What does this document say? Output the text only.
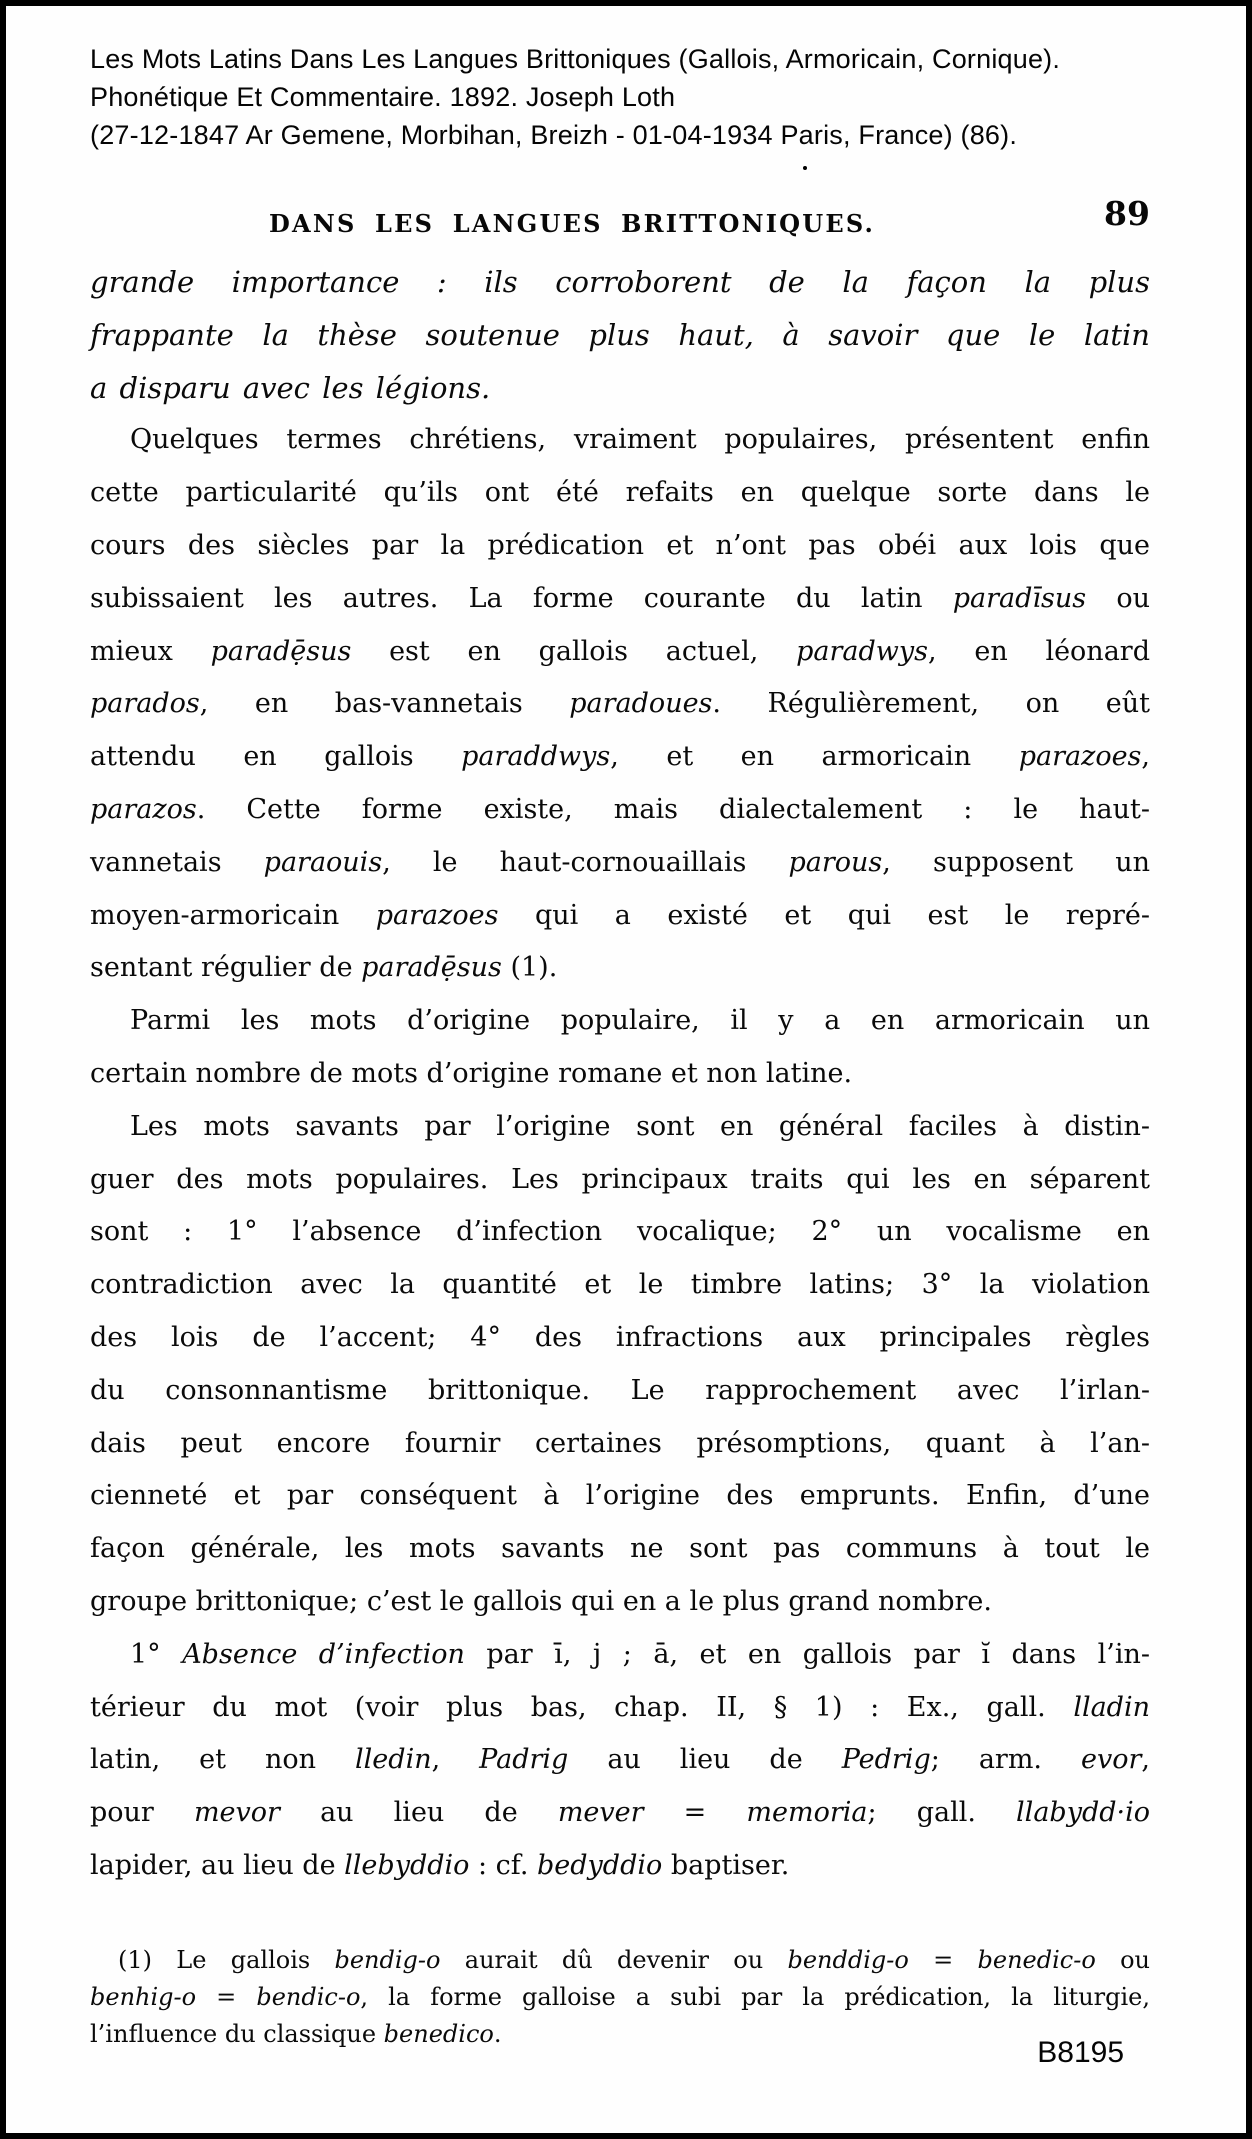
Les Mots Latins Dans Les Langues Brittoniques (Gallois, Armoricain, Cornique).
Phonétique Et Commentaire. 1892. Joseph Loth
(27-12-1847 Ar Gemene, Morbihan, Breizh - 01-04-1934 Paris, France) (86).
DANS LES LANGUES BRITTONIQUES.	89
grande importance : ils corroborent de la façon la plus
frappante la thèse soutenue plus haut, à savoir que le latin
a disparu avec les légions.
Quelques termes chrétiens, vraiment populaires, présentent enfin
cette particularité qu’ils ont été refaits en quelque sorte dans le
cours des siècles par la prédication et n’ont pas obéi aux lois que
subissaient les autres. La forme courante du latin paradīsus ou
mieux paradẹ̄sus est en gallois actuel, paradwys, en léonard
parados, en bas-vannetais paradoues. Régulièrement, on eût
attendu en gallois paraddwys, et en armoricain parazoes,
parazos. Cette forme existe, mais dialectalement : le haut-
vannetais paraouis, le haut-cornouaillais parous, supposent un
moyen-armoricain parazoes qui a existé et qui est le repré-
sentant régulier de paradẹ̄sus (1).
Parmi les mots d’origine populaire, il y a en armoricain un
certain nombre de mots d’origine romane et non latine.
Les mots savants par l’origine sont en général faciles à distin-
guer des mots populaires. Les principaux traits qui les en séparent
sont : 1° l’absence d’infection vocalique; 2° un vocalisme en
contradiction avec la quantité et le timbre latins; 3° la violation
des lois de l’accent; 4° des infractions aux principales règles
du consonnantisme brittonique. Le rapprochement avec l’irlan-
dais peut encore fournir certaines présomptions, quant à l’an-
cienneté et par conséquent à l’origine des emprunts. Enfin, d’une
façon générale, les mots savants ne sont pas communs à tout le
groupe brittonique; c’est le gallois qui en a le plus grand nombre.
1° Absence d’infection par ī, j ; ā, et en gallois par ĭ dans l’in-
térieur du mot (voir plus bas, chap. II, § 1) : Ex., gall. lladin
latin, et non lledin, Padrig au lieu de Pedrig; arm. evor,
pour mevor au lieu de mever = memoria; gall. llabydd·io
lapider, au lieu de llebyddio : cf. bedyddio baptiser.
(1) Le gallois bendig-o aurait dû devenir ou benddig-o = benedic-o ou
benhig-o = bendic-o, la forme galloise a subi par la prédication, la liturgie,
l’influence du classique benedico.
B8195
